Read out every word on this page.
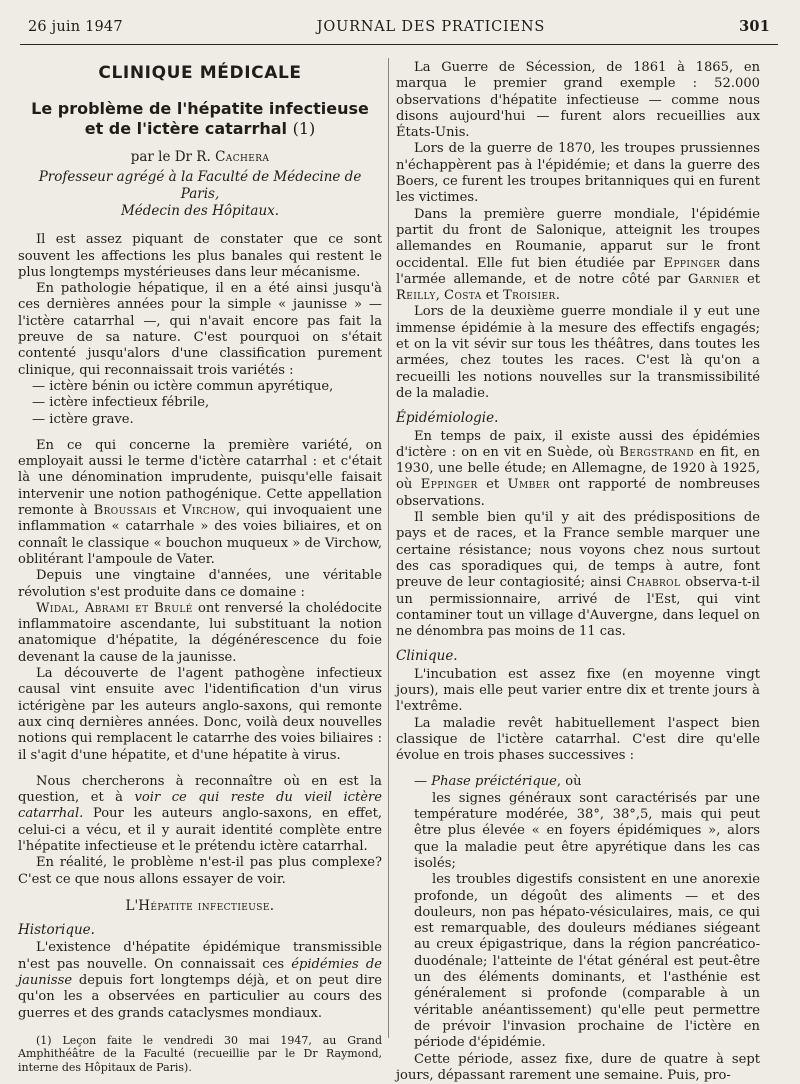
26 juin 1947	JOURNAL DES PRATICIENS	301
CLINIQUE MÉDICALE
Le problème de l'hépatite infectieuse
et de l'ictère catarrhal (1)

par le Dr R. Cachera

Professeur agrégé à la Faculté de Médecine de Paris,
Médecin des Hôpitaux.

Il est assez piquant de constater que ce sont souvent les affections les plus banales qui restent le plus longtemps mystérieuses dans leur mécanisme.

En pathologie hépatique, il en a été ainsi jusqu'à ces dernières années pour la simple « jaunisse » — l'ictère catarrhal —, qui n'avait encore pas fait la preuve de sa nature. C'est pourquoi on s'était contenté jusqu'alors d'une classification purement clinique, qui reconnaissait trois variétés :

— ictère bénin ou ictère commun apyrétique,

— ictère infectieux fébrile,

— ictère grave.

En ce qui concerne la première variété, on employait aussi le terme d'ictère catarrhal : et c'était là une dénomination imprudente, puisqu'elle faisait intervenir une notion pathogénique. Cette appellation remonte à Broussais et Virchow, qui invoquaient une inflammation « catarrhale » des voies biliaires, et on connaît le classique « bouchon muqueux » de Virchow, oblitérant l'ampoule de Vater.

Depuis une vingtaine d'années, une véritable révolution s'est produite dans ce domaine :

Widal, Abrami et Brulé ont renversé la cholédocite inflammatoire ascendante, lui substituant la notion anatomique d'hépatite, la dégénérescence du foie devenant la cause de la jaunisse.

La découverte de l'agent pathogène infectieux causal vint ensuite avec l'identification d'un virus ictérigène par les auteurs anglo-saxons, qui remonte aux cinq dernières années. Donc, voilà deux nouvelles notions qui remplacent le catarrhe des voies biliaires : il s'agit d'une hépatite, et d'une hépatite à virus.

Nous chercherons à reconnaître où en est la question, et à voir ce qui reste du vieil ictère catarrhal. Pour les auteurs anglo-saxons, en effet, celui-ci a vécu, et il y aurait identité complète entre l'hépatite infectieuse et le prétendu ictère catarrhal.

En réalité, le problème n'est-il pas plus complexe? C'est ce que nous allons essayer de voir.

L'Hépatite infectieuse.

Historique.

L'existence d'hépatite épidémique transmissible n'est pas nouvelle. On connaissait ces épidémies de jaunisse depuis fort longtemps déjà, et on peut dire qu'on les a observées en particulier au cours des guerres et des grands cataclysmes mondiaux.

(1) Leçon faite le vendredi 30 mai 1947, au Grand Amphithéâtre de la Faculté (recueillie par le Dr Raymond, interne des Hôpitaux de Paris).

La Guerre de Sécession, de 1861 à 1865, en marqua le premier grand exemple : 52.000 observations d'hépatite infectieuse — comme nous disons aujourd'hui — furent alors recueillies aux États-Unis.

Lors de la guerre de 1870, les troupes prussiennes n'échappèrent pas à l'épidémie; et dans la guerre des Boers, ce furent les troupes britanniques qui en furent les victimes.

Dans la première guerre mondiale, l'épidémie partit du front de Salonique, atteignit les troupes allemandes en Roumanie, apparut sur le front occidental. Elle fut bien étudiée par Eppinger dans l'armée allemande, et de notre côté par Garnier et Reilly, Costa et Troisier.

Lors de la deuxième guerre mondiale il y eut une immense épidémie à la mesure des effectifs engagés; et on la vit sévir sur tous les théâtres, dans toutes les armées, chez toutes les races. C'est là qu'on a recueilli les notions nouvelles sur la transmissibilité de la maladie.

Épidémiologie.

En temps de paix, il existe aussi des épidémies d'ictère : on en vit en Suède, où Bergstrand en fit, en 1930, une belle étude; en Allemagne, de 1920 à 1925, où Eppinger et Umber ont rapporté de nombreuses observations.

Il semble bien qu'il y ait des prédispositions de pays et de races, et la France semble marquer une certaine résistance; nous voyons chez nous surtout des cas sporadiques qui, de temps à autre, font preuve de leur contagiosité; ainsi Chabrol observa-t-il un permissionnaire, arrivé de l'Est, qui vint contaminer tout un village d'Auvergne, dans lequel on ne dénombra pas moins de 11 cas.

Clinique.

L'incubation est assez fixe (en moyenne vingt jours), mais elle peut varier entre dix et trente jours à l'extrême.

La maladie revêt habituellement l'aspect bien classique de l'ictère catarrhal. C'est dire qu'elle évolue en trois phases successives :

— Phase préictérique, où

les signes généraux sont caractérisés par une température modérée, 38°, 38°,5, mais qui peut être plus élevée « en foyers épidémiques », alors que la maladie peut être apyrétique dans les cas isolés;

les troubles digestifs consistent en une anorexie profonde, un dégoût des aliments — et des douleurs, non pas hépato-vésiculaires, mais, ce qui est remarquable, des douleurs médianes siégeant au creux épigastrique, dans la région pancréatico-duodénale; l'atteinte de l'état général est peut-être un des éléments dominants, et l'asthénie est généralement si profonde (comparable à un véritable anéantissement) qu'elle peut permettre de prévoir l'invasion prochaine de l'ictère en période d'épidémie.

Cette période, assez fixe, dure de quatre à sept jours, dépassant rarement une semaine. Puis, pro-
